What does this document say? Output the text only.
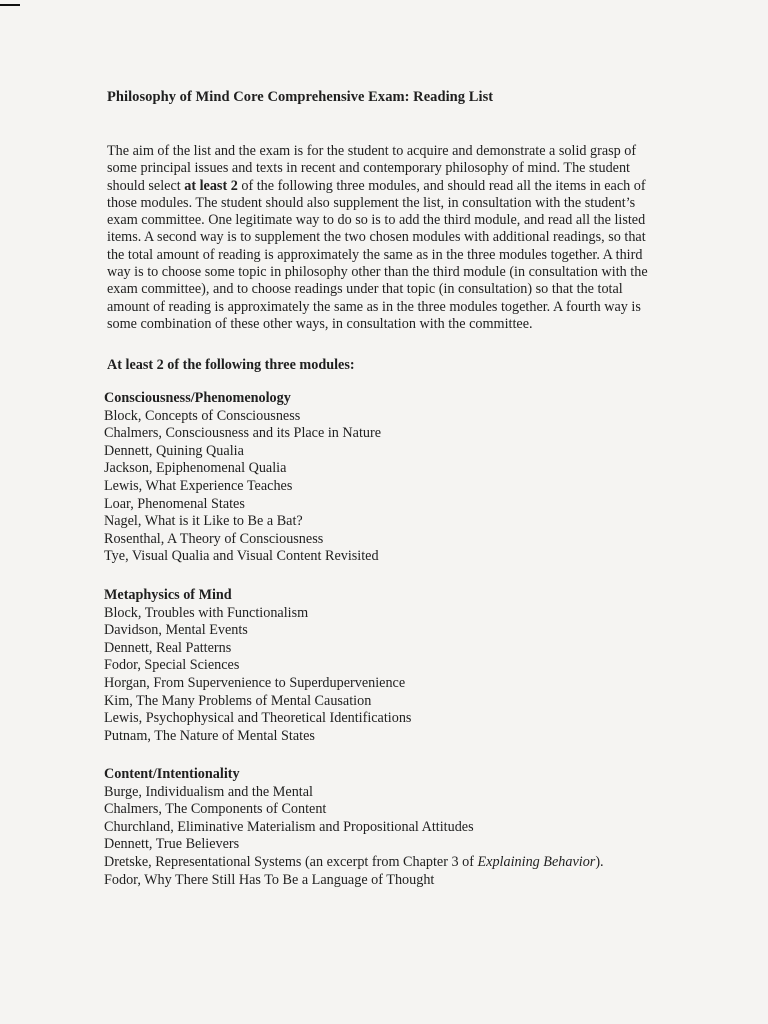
Philosophy of Mind Core Comprehensive Exam: Reading List

The aim of the list and the exam is for the student to acquire and demonstrate a solid grasp of
some principal issues and texts in recent and contemporary philosophy of mind. The student
should select at least 2 of the following three modules, and should read all the items in each of
those modules. The student should also supplement the list, in consultation with the student’s
exam committee. One legitimate way to do so is to add the third module, and read all the listed
items. A second way is to supplement the two chosen modules with additional readings, so that
the total amount of reading is approximately the same as in the three modules together. A third
way is to choose some topic in philosophy other than the third module (in consultation with the
exam committee), and to choose readings under that topic (in consultation) so that the total
amount of reading is approximately the same as in the three modules together. A fourth way is
some combination of these other ways, in consultation with the committee.

At least 2 of the following three modules:
Consciousness/Phenomenology
Block, Concepts of Consciousness
Chalmers, Consciousness and its Place in Nature
Dennett, Quining Qualia
Jackson, Epiphenomenal Qualia
Lewis, What Experience Teaches
Loar, Phenomenal States
Nagel, What is it Like to Be a Bat?
Rosenthal, A Theory of Consciousness
Tye, Visual Qualia and Visual Content Revisited
Metaphysics of Mind
Block, Troubles with Functionalism
Davidson, Mental Events
Dennett, Real Patterns
Fodor, Special Sciences
Horgan, From Supervenience to Superdupervenience
Kim, The Many Problems of Mental Causation
Lewis, Psychophysical and Theoretical Identifications
Putnam, The Nature of Mental States
Content/Intentionality
Burge, Individualism and the Mental
Chalmers, The Components of Content
Churchland, Eliminative Materialism and Propositional Attitudes
Dennett, True Believers
Dretske, Representational Systems (an excerpt from Chapter 3 of Explaining Behavior).
Fodor, Why There Still Has To Be a Language of Thought
